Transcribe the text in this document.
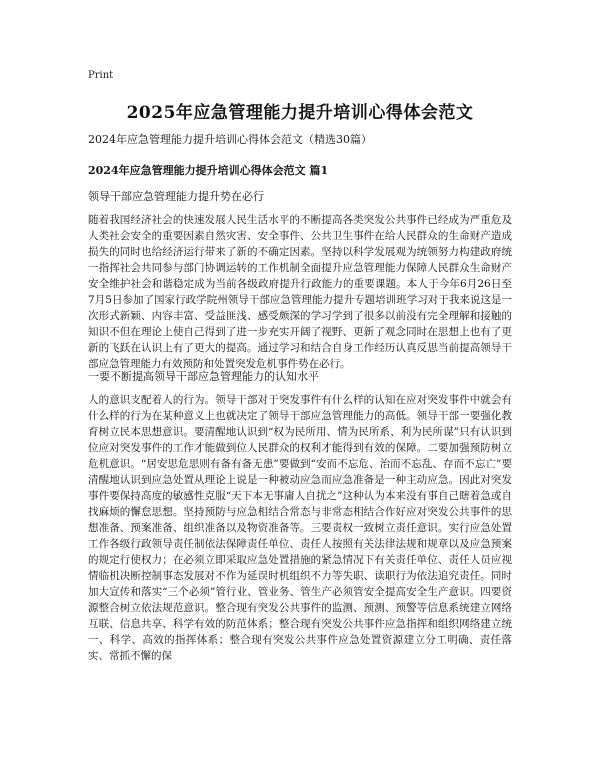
Print
2025年应急管理能力提升培训心得体会范文
2024年应急管理能力提升培训心得体会范文（精选30篇）
2024年应急管理能力提升培训心得体会范文 篇1
领导干部应急管理能力提升势在必行

随着我国经济社会的快速发展人民生活水平的不断提高各类突发公共事件已经成为严重危及人类社会安全的重要因素自然灾害、安全事件、公共卫生事件在给人民群众的生命财产造成损失的同时也给经济运行带来了新的不确定因素。坚持以科学发展观为统领努力构建政府统一指挥社会共同参与部门协调运转的工作机制全面提升应急管理能力保障人民群众生命财产安全维护社会和谐稳定成为当前各级政府提升行政能力的重要课题。本人于今年6月26日至7月5日参加了国家行政学院州领导干部应急管理能力提升专题培训班学习对于我来说这是一次形式新颖、内容丰富、受益匪浅、感受颇深的学习学到了很多以前没有完全理解和接触的知识不但在理论上使自己得到了进一步充实开阔了视野、更新了观念同时在思想上也有了更新的飞跃在认识上有了更大的提高。通过学习和结合自身工作经历认真反思当前提高领导干部应急管理能力有效预防和处置突发危机事件势在必行。

一要不断提高领导干部应急管理能力的认知水平

人的意识支配着人的行为。领导干部对于突发事件有什么样的认知在应对突发事件中就会有什么样的行为在某种意义上也就决定了领导干部应急管理能力的高低。领导干部一要强化教育树立民本思想意识。要清醒地认识到“权为民所用、情为民所系、利为民所谋”只有认识到位应对突发事件的工作才能做到位人民群众的权利才能得到有效的保障。二要加强预防树立危机意识。“居安思危思则有备有备无患”要做到“安而不忘危、治而不忘乱、存而不忘亡”要清醒地认识到应急处置从理论上说是一种被动应急而应急准备是一种主动应急。因此对突发事件要保持高度的敏感性克服“天下本无事庸人自扰之”这种认为本来没有事自己瞎着急或自找麻烦的懈怠思想。坚持预防与应急相结合常态与非常态相结合作好应对突发公共事件的思想准备、预案准备、组织准备以及物资准备等。三要责权一致树立责任意识。实行应急处置工作各级行政领导责任制依法保障责任单位、责任人按照有关法律法规和规章以及应急预案的规定行使权力；在必须立即采取应急处置措施的紧急情况下有关责任单位、责任人员应视情临机决断控制事态发展对不作为延误时机组织不力等失职、读职行为依法追究责任。同时加大宣传和落实“三个必须”管行业、管业务、管生产必须管安全提高安全生产意识。四要资源整合树立依法规范意识。整合现有突发公共事件的监测、预测、预警等信息系统建立网络互联、信息共享、科学有效的防范体系；整合现有突发公共事件应急指挥和组织网络建立统一、科学、高效的指挥体系；整合现有突发公共事件应急处置资源建立分工明确、责任落实、常抓不懈的保
